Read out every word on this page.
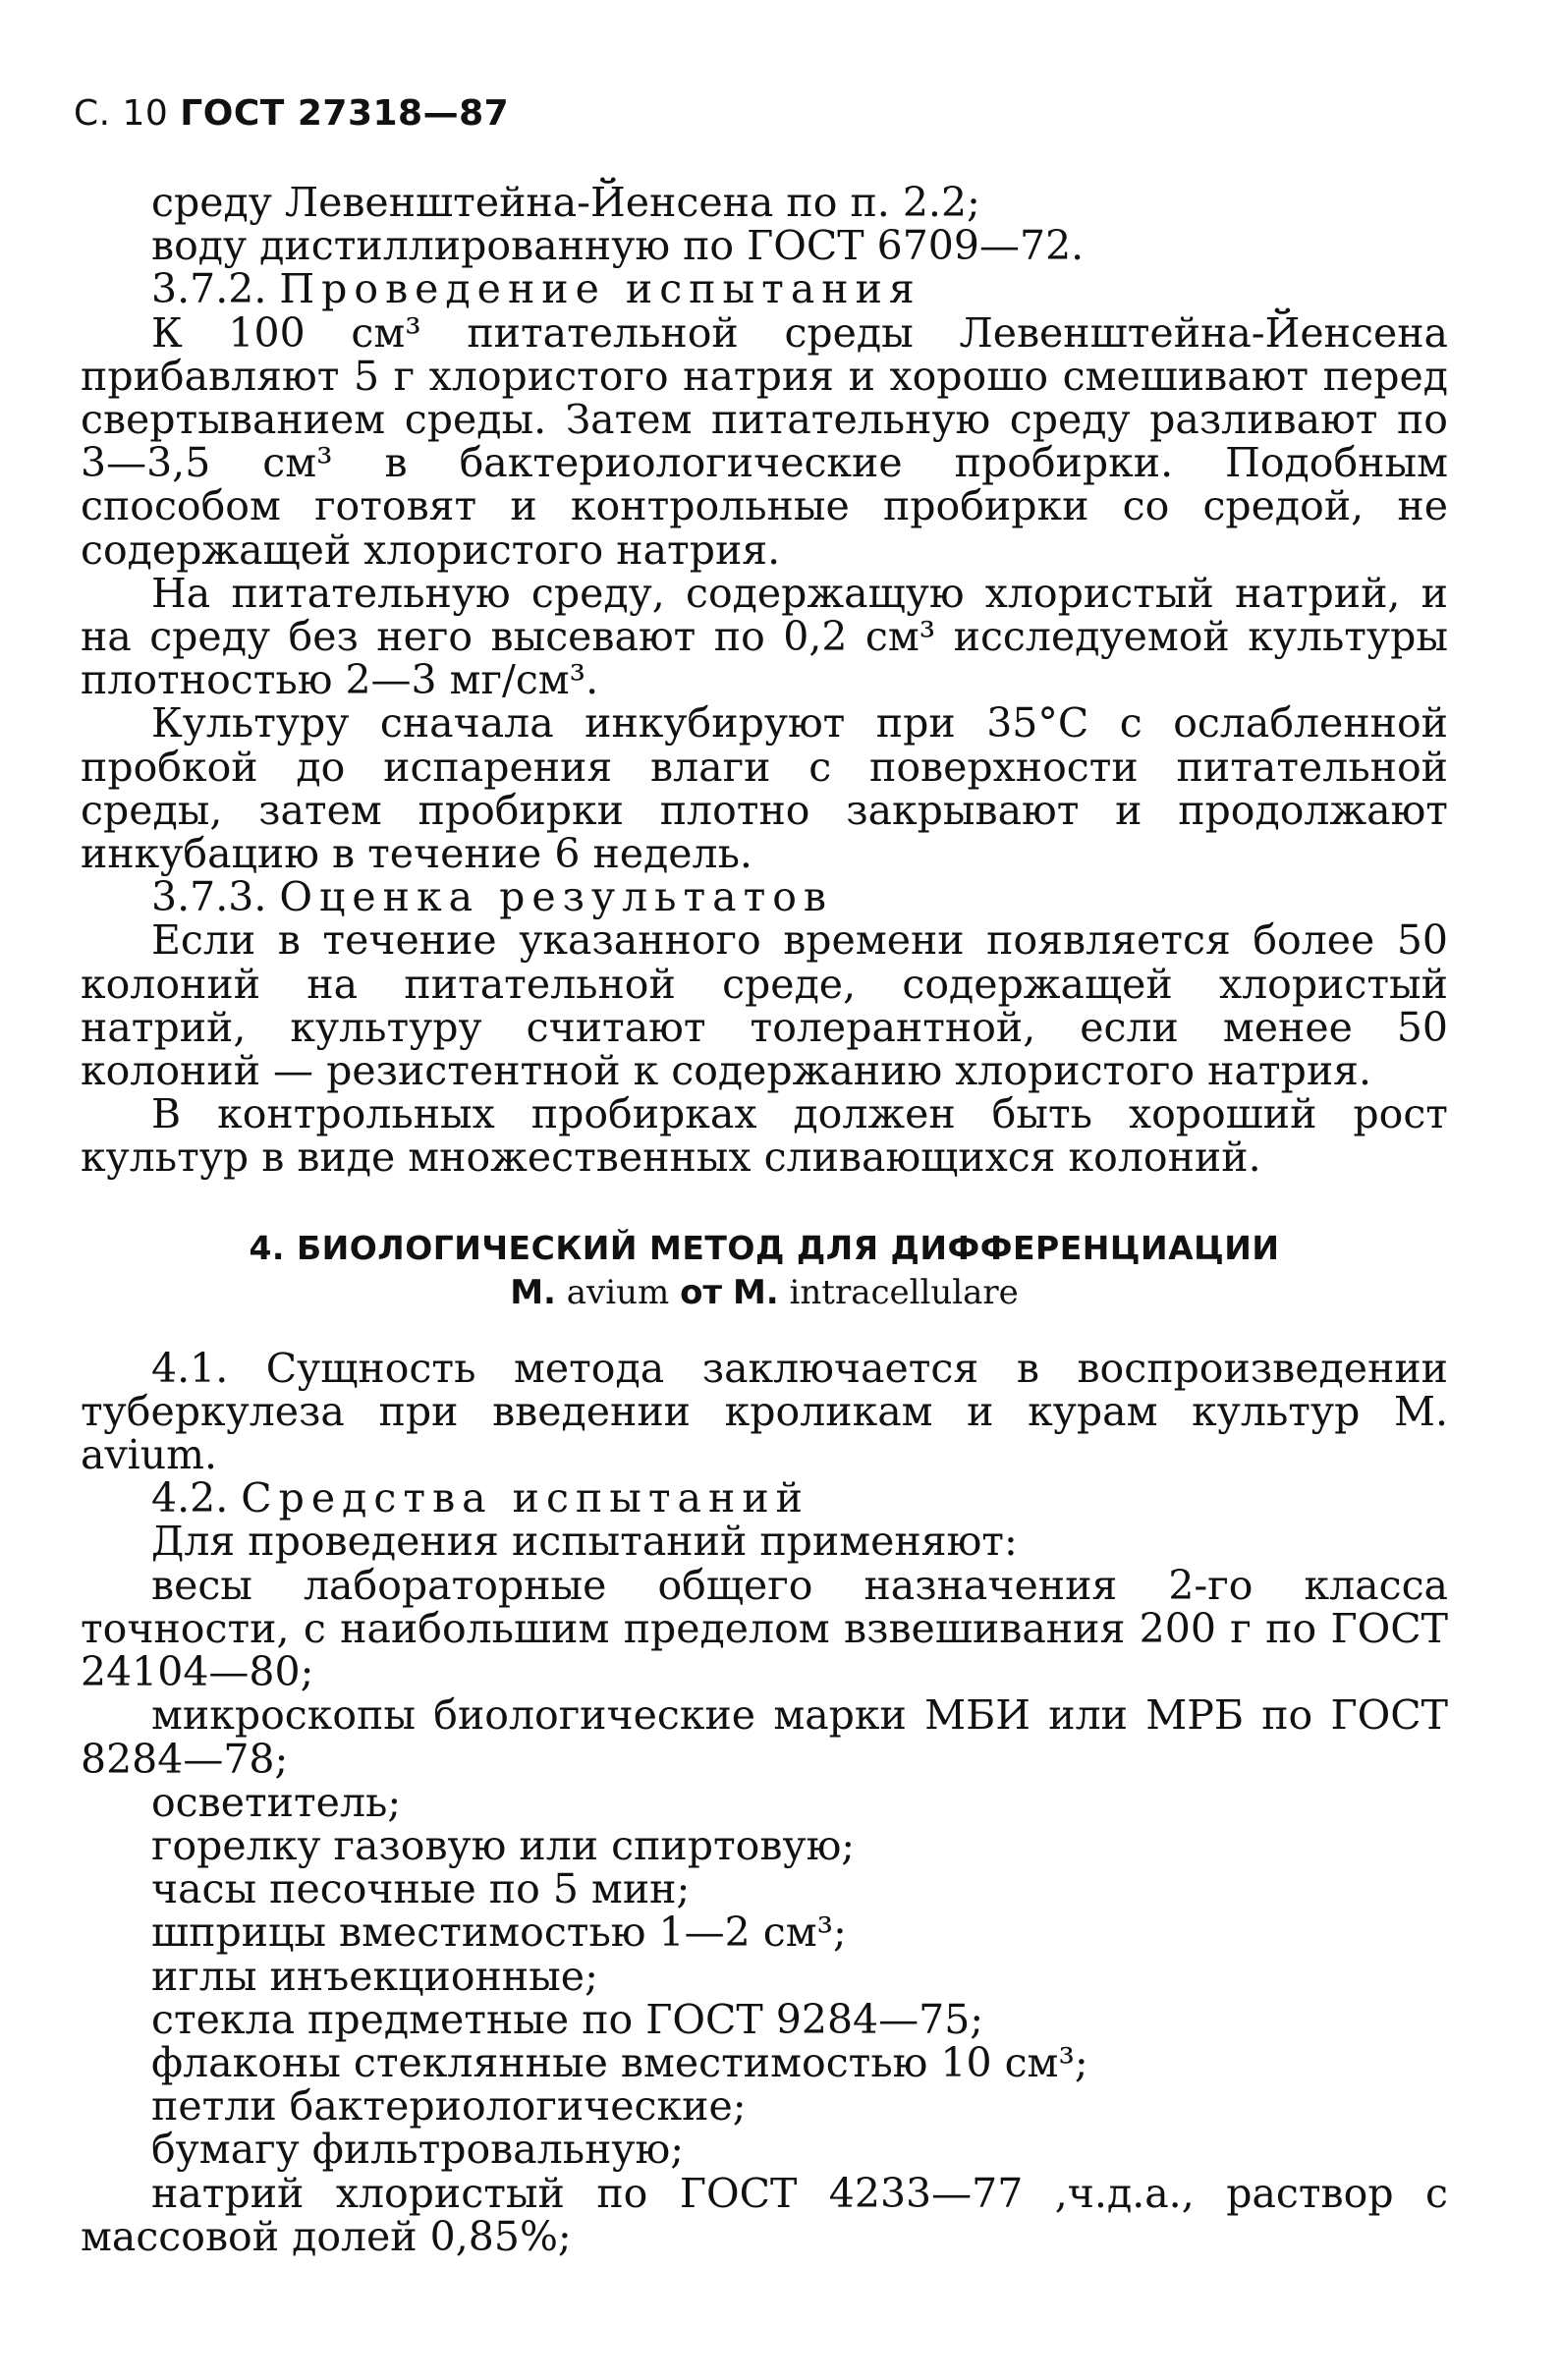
С. 10 ГОСТ 27318—87

среду Левенштейна-Йенсена по п. 2.2;

воду дистиллированную по ГОСТ 6709—72.

3.7.2. Проведение испытания

К 100 см³ питательной среды Левенштейна-Йенсена прибавляют 5 г хлористого натрия и хорошо смешивают перед свертыванием среды. Затем питательную среду разливают по 3—3,5 см³ в бактериологические пробирки. Подобным способом готовят и контрольные пробирки со средой, не содержащей хлористого натрия.

На питательную среду, содержащую хлористый натрий, и на среду без него высевают по 0,2 см³ исследуемой культуры плотностью 2—3 мг/см³.

Культуру сначала инкубируют при 35°С с ослабленной пробкой до испарения влаги с поверхности питательной среды, затем пробирки плотно закрывают и продолжают инкубацию в течение 6 недель.

3.7.3. Оценка результатов

Если в течение указанного времени появляется более 50 колоний на питательной среде, содержащей хлористый натрий, культуру считают толерантной, если менее 50 колоний — резистентной к содержанию хлористого натрия.

В контрольных пробирках должен быть хороший рост культур в виде множественных сливающихся колоний.

4. БИОЛОГИЧЕСКИЙ МЕТОД ДЛЯ ДИФФЕРЕНЦИАЦИИ
М. avium от М. intracellulare

4.1. Сущность метода заключается в воспроизведении туберкулеза при введении кроликам и курам культур М. avium.

4.2. Средства испытаний

Для проведения испытаний применяют:

весы лабораторные общего назначения 2-го класса точности, с наибольшим пределом взвешивания 200 г по ГОСТ 24104—80;

микроскопы биологические марки МБИ или МРБ по ГОСТ 8284—78;

осветитель;

горелку газовую или спиртовую;

часы песочные по 5 мин;

шприцы вместимостью 1—2 см³;

иглы инъекционные;

стекла предметные по ГОСТ 9284—75;

флаконы стеклянные вместимостью 10 см³;

петли бактериологические;

бумагу фильтровальную;

натрий хлористый по ГОСТ 4233—77 ,ч.д.а., раствор с массовой долей 0,85%;
